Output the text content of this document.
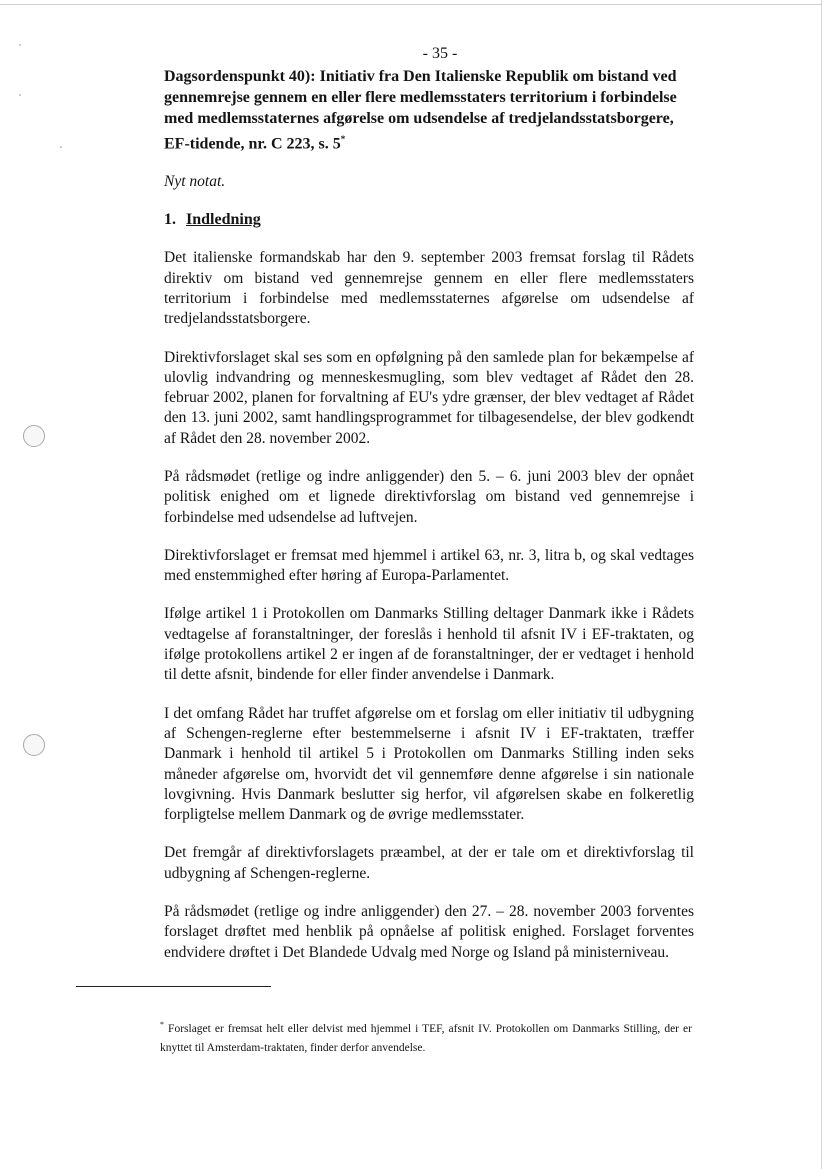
- 35 -

Dagsordenspunkt 40): Initiativ fra Den Italienske Republik om bistand ved gennemrejse gennem en eller flere medlemsstaters territorium i forbindelse med medlemsstaternes afgørelse om udsendelse af tredjelandsstatsborgere, EF-tidende, nr. C 223, s. 5*

Nyt notat.

1. Indledning

Det italienske formandskab har den 9. september 2003 fremsat forslag til Rådets direktiv om bistand ved gennemrejse gennem en eller flere medlemsstaters territorium i forbindelse med medlemsstaternes afgørelse om udsendelse af tredjelandsstatsborgere.

Direktivforslaget skal ses som en opfølgning på den samlede plan for bekæmpelse af ulovlig indvandring og menneskesmugling, som blev vedtaget af Rådet den 28. februar 2002, planen for forvaltning af EU's ydre grænser, der blev vedtaget af Rådet den 13. juni 2002, samt handlingsprogrammet for tilbagesendelse, der blev godkendt af Rådet den 28. november 2002.

På rådsmødet (retlige og indre anliggender) den 5. – 6. juni 2003 blev der opnået politisk enighed om et lignede direktivforslag om bistand ved gennemrejse i forbindelse med udsendelse ad luftvejen.

Direktivforslaget er fremsat med hjemmel i artikel 63, nr. 3, litra b, og skal vedtages med enstemmighed efter høring af Europa-Parlamentet.

Ifølge artikel 1 i Protokollen om Danmarks Stilling deltager Danmark ikke i Rådets vedtagelse af foranstaltninger, der foreslås i henhold til afsnit IV i EF-traktaten, og ifølge protokollens artikel 2 er ingen af de foranstaltninger, der er vedtaget i henhold til dette afsnit, bindende for eller finder anvendelse i Danmark.

I det omfang Rådet har truffet afgørelse om et forslag om eller initiativ til udbygning af Schengen-reglerne efter bestemmelserne i afsnit IV i EF-traktaten, træffer Danmark i henhold til artikel 5 i Protokollen om Danmarks Stilling inden seks måneder afgørelse om, hvorvidt det vil gennemføre denne afgørelse i sin nationale lovgivning. Hvis Danmark beslutter sig herfor, vil afgørelsen skabe en folkeretlig forpligtelse mellem Danmark og de øvrige medlemsstater.

Det fremgår af direktivforslagets præambel, at der er tale om et direktivforslag til udbygning af Schengen-reglerne.

På rådsmødet (retlige og indre anliggender) den 27. – 28. november 2003 forventes forslaget drøftet med henblik på opnåelse af politisk enighed. Forslaget forventes endvidere drøftet i Det Blandede Udvalg med Norge og Island på ministerniveau.

* Forslaget er fremsat helt eller delvist med hjemmel i TEF, afsnit IV. Protokollen om Danmarks Stilling, der er knyttet til Amsterdam-traktaten, finder derfor anvendelse.
